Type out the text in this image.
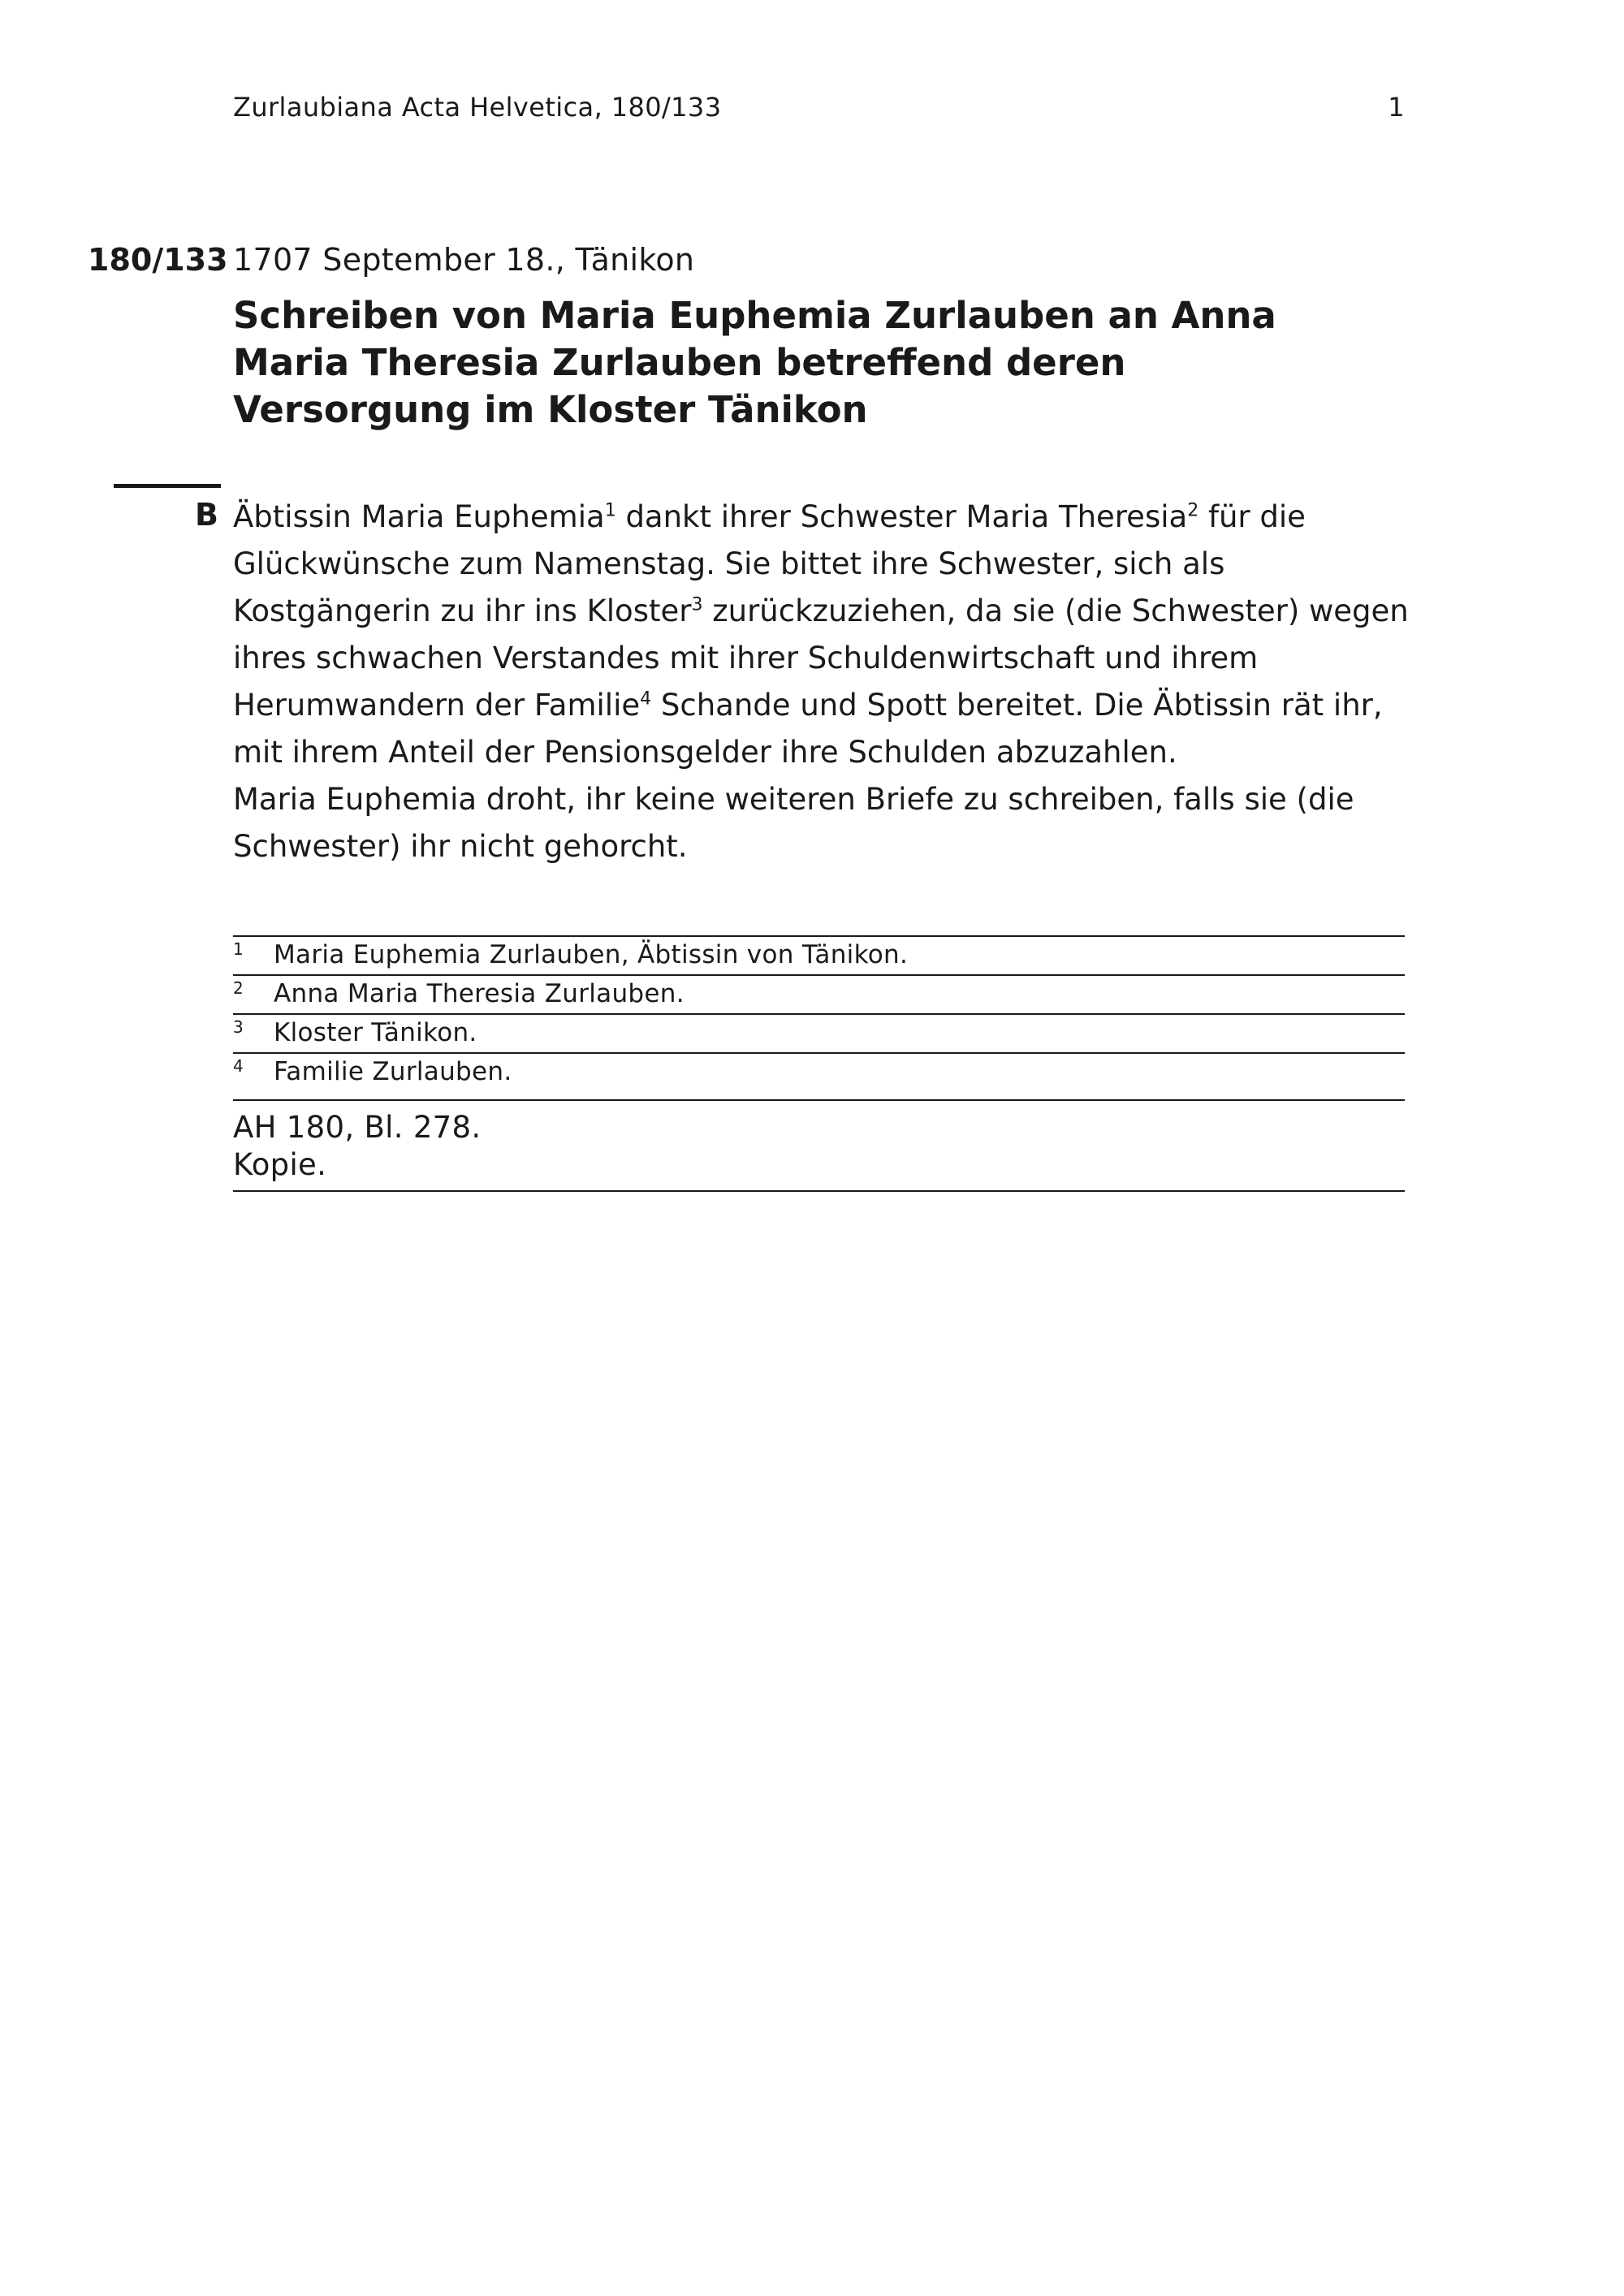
Zurlaubiana Acta Helvetica, 180/133	1
180/133 1707 September 18., Tänikon
Schreiben von Maria Euphemia Zurlauben an Anna Maria Theresia Zurlauben betreffend deren Versorgung im Kloster Tänikon
B Äbtissin Maria Euphemia$^1$ dankt ihrer Schwester Maria Theresia$^2$ für die Glückwünsche zum Namenstag. Sie bittet ihre Schwester, sich als Kostgängerin zu ihr ins Kloster$^3$ zurückzuziehen, da sie (die Schwester) wegen ihres schwachen Verstandes mit ihrer Schuldenwirtschaft und ihrem Herumwandern der Familie$^4$ Schande und Spott bereitet. Die Äbtissin rät ihr, mit ihrem Anteil der Pensionsgelder ihre Schulden abzuzahlen.

Maria Euphemia droht, ihr keine weiteren Briefe zu schreiben, falls sie (die Schwester) ihr nicht gehorcht.

1 Maria Euphemia Zurlauben, Äbtissin von Tänikon.
2 Anna Maria Theresia Zurlauben.
3 Kloster Tänikon.
4 Familie Zurlauben.
AH 180, Bl. 278.
Kopie.
